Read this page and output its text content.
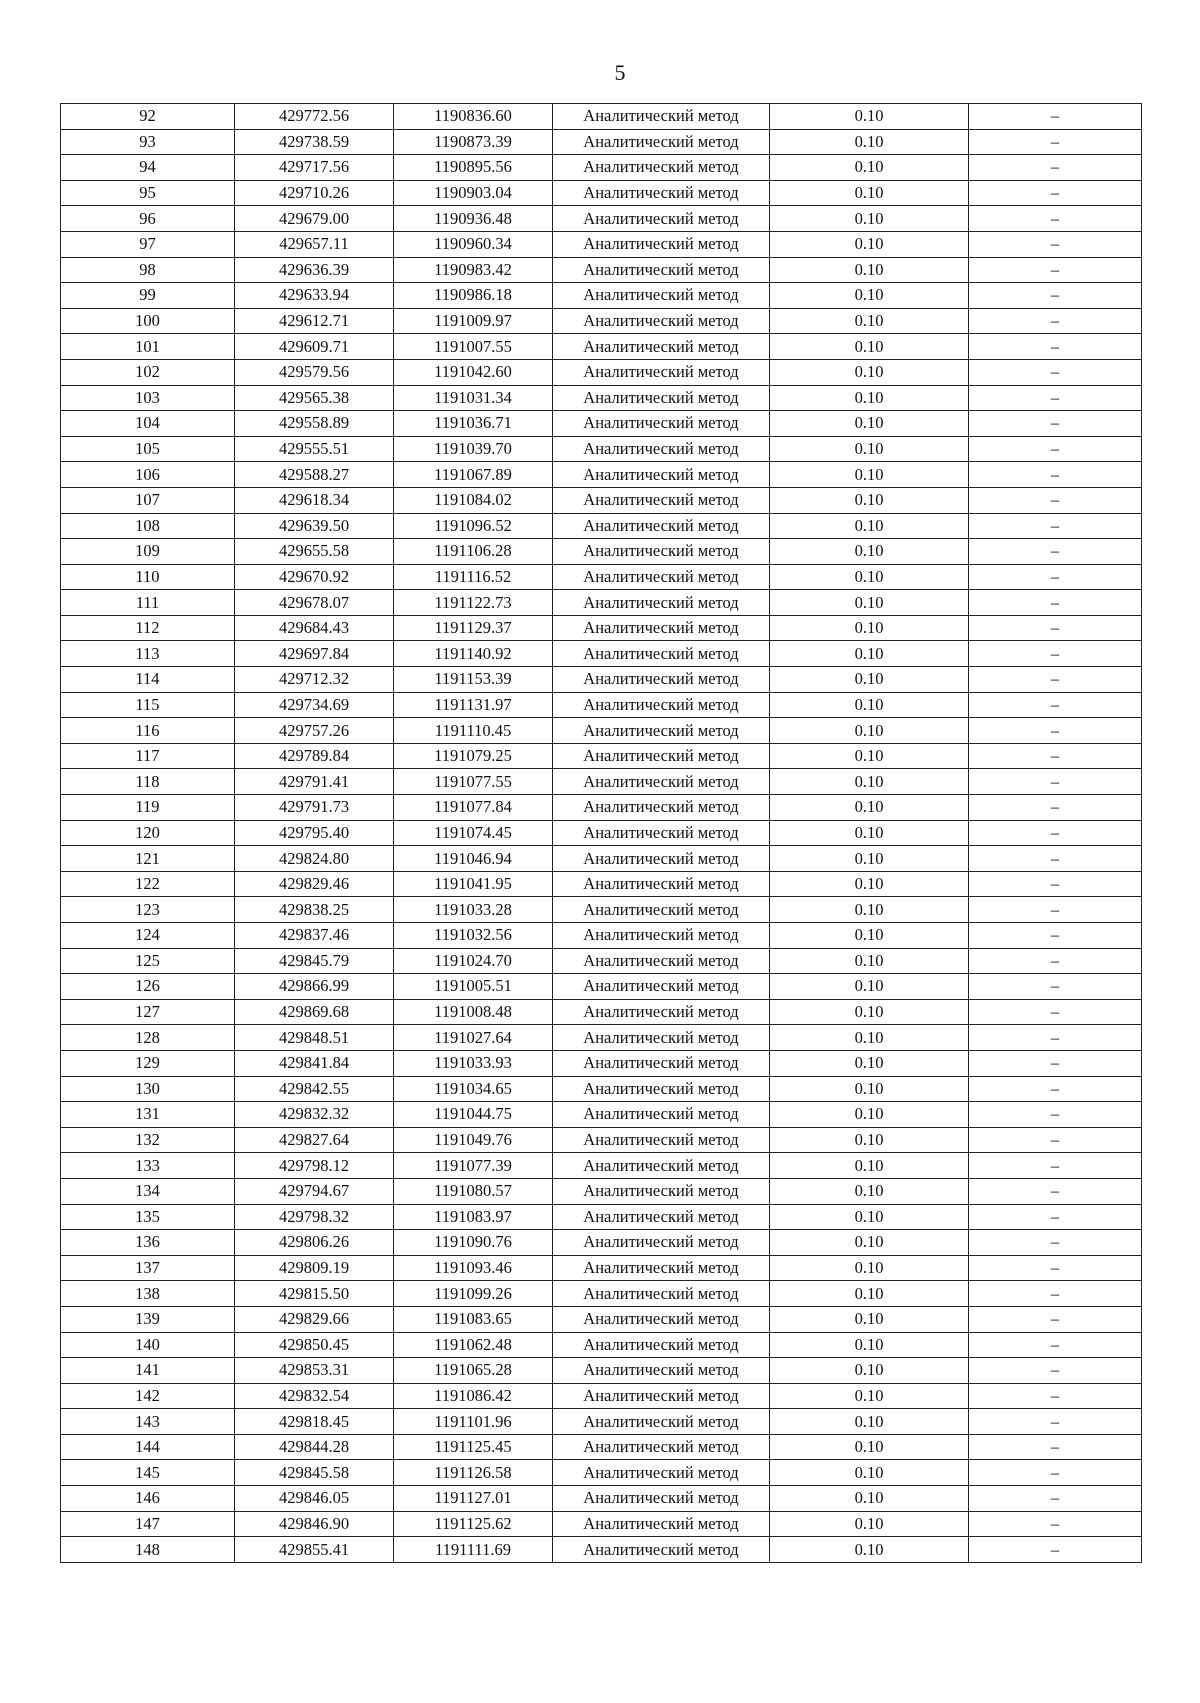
5
92	429772.56	1190836.60	Аналитический метод	0.10	–
93	429738.59	1190873.39	Аналитический метод	0.10	–
94	429717.56	1190895.56	Аналитический метод	0.10	–
95	429710.26	1190903.04	Аналитический метод	0.10	–
96	429679.00	1190936.48	Аналитический метод	0.10	–
97	429657.11	1190960.34	Аналитический метод	0.10	–
98	429636.39	1190983.42	Аналитический метод	0.10	–
99	429633.94	1190986.18	Аналитический метод	0.10	–
100	429612.71	1191009.97	Аналитический метод	0.10	–
101	429609.71	1191007.55	Аналитический метод	0.10	–
102	429579.56	1191042.60	Аналитический метод	0.10	–
103	429565.38	1191031.34	Аналитический метод	0.10	–
104	429558.89	1191036.71	Аналитический метод	0.10	–
105	429555.51	1191039.70	Аналитический метод	0.10	–
106	429588.27	1191067.89	Аналитический метод	0.10	–
107	429618.34	1191084.02	Аналитический метод	0.10	–
108	429639.50	1191096.52	Аналитический метод	0.10	–
109	429655.58	1191106.28	Аналитический метод	0.10	–
110	429670.92	1191116.52	Аналитический метод	0.10	–
111	429678.07	1191122.73	Аналитический метод	0.10	–
112	429684.43	1191129.37	Аналитический метод	0.10	–
113	429697.84	1191140.92	Аналитический метод	0.10	–
114	429712.32	1191153.39	Аналитический метод	0.10	–
115	429734.69	1191131.97	Аналитический метод	0.10	–
116	429757.26	1191110.45	Аналитический метод	0.10	–
117	429789.84	1191079.25	Аналитический метод	0.10	–
118	429791.41	1191077.55	Аналитический метод	0.10	–
119	429791.73	1191077.84	Аналитический метод	0.10	–
120	429795.40	1191074.45	Аналитический метод	0.10	–
121	429824.80	1191046.94	Аналитический метод	0.10	–
122	429829.46	1191041.95	Аналитический метод	0.10	–
123	429838.25	1191033.28	Аналитический метод	0.10	–
124	429837.46	1191032.56	Аналитический метод	0.10	–
125	429845.79	1191024.70	Аналитический метод	0.10	–
126	429866.99	1191005.51	Аналитический метод	0.10	–
127	429869.68	1191008.48	Аналитический метод	0.10	–
128	429848.51	1191027.64	Аналитический метод	0.10	–
129	429841.84	1191033.93	Аналитический метод	0.10	–
130	429842.55	1191034.65	Аналитический метод	0.10	–
131	429832.32	1191044.75	Аналитический метод	0.10	–
132	429827.64	1191049.76	Аналитический метод	0.10	–
133	429798.12	1191077.39	Аналитический метод	0.10	–
134	429794.67	1191080.57	Аналитический метод	0.10	–
135	429798.32	1191083.97	Аналитический метод	0.10	–
136	429806.26	1191090.76	Аналитический метод	0.10	–
137	429809.19	1191093.46	Аналитический метод	0.10	–
138	429815.50	1191099.26	Аналитический метод	0.10	–
139	429829.66	1191083.65	Аналитический метод	0.10	–
140	429850.45	1191062.48	Аналитический метод	0.10	–
141	429853.31	1191065.28	Аналитический метод	0.10	–
142	429832.54	1191086.42	Аналитический метод	0.10	–
143	429818.45	1191101.96	Аналитический метод	0.10	–
144	429844.28	1191125.45	Аналитический метод	0.10	–
145	429845.58	1191126.58	Аналитический метод	0.10	–
146	429846.05	1191127.01	Аналитический метод	0.10	–
147	429846.90	1191125.62	Аналитический метод	0.10	–
148	429855.41	1191111.69	Аналитический метод	0.10	–
